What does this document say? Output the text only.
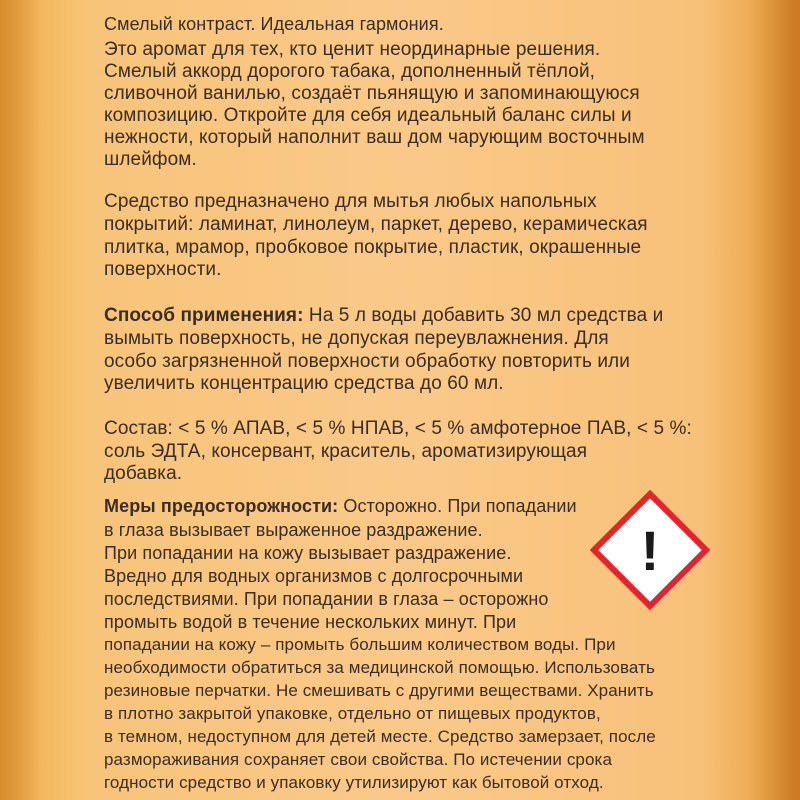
Смелый контраст. Идеальная гармония.

Это аромат для тех, кто ценит неординарные решения.

Смелый аккорд дорогого табака, дополненный тёплой,

сливочной ванилью, создаёт пьянящую и запоминающуюся

композицию. Откройте для себя идеальный баланс силы и

нежности, который наполнит ваш дом чарующим восточным

шлейфом.

Средство предназначено для мытья любых напольных

покрытий: ламинат, линолеум, паркет, дерево, керамическая

плитка, мрамор, пробковое покрытие, пластик, окрашенные

поверхности.

Способ применения: На 5 л воды добавить 30 мл средства и

вымыть поверхность, не допуская переувлажнения. Для

особо загрязненной поверхности обработку повторить или

увеличить концентрацию средства до 60 мл.

Состав: < 5 % АПАВ, < 5 % НПАВ, < 5 % амфотерное ПАВ, < 5 %:

соль ЭДТА, консервант, краситель, ароматизирующая

добавка.

Меры предосторожности: Осторожно. При попадании

в глаза вызывает выраженное раздражение.

При попадании на кожу вызывает раздражение.

Вредно для водных организмов с долгосрочными

последствиями. При попадании в глаза – осторожно

промыть водой в течение нескольких минут. При

попадании на кожу – промыть большим количеством воды. При

необходимости обратиться за медицинской помощью. Использовать

резиновые перчатки. Не смешивать с другими веществами. Хранить

в плотно закрытой упаковке, отдельно от пищевых продуктов,

в темном, недоступном для детей месте. Средство замерзает, после

размораживания сохраняет свои свойства. По истечении срока

годности средство и упаковку утилизируют как бытовой отход.

!
